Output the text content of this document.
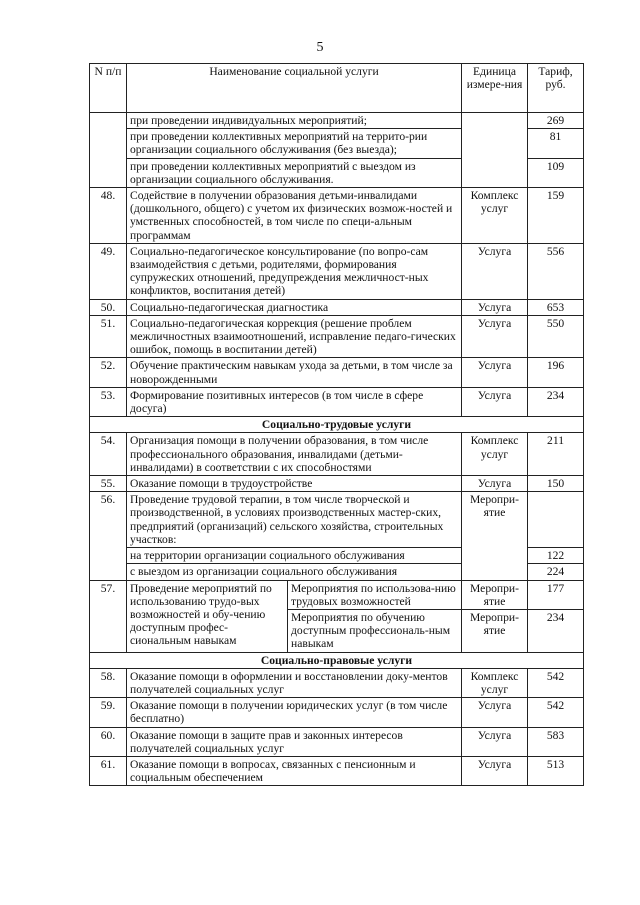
5
N п/п	Наименование социальной услуги		Единица измере-ния	Тариф, руб.
	при проведении индивидуальных мероприятий;			269
	при проведении коллективных мероприятий на террито-рии организации социального обслуживания (без выезда);			81
	при проведении коллективных мероприятий с выездом из организации социального обслуживания.			109
48.	Содействие в получении образования детьми-инвалидами (дошкольного, общего) с учетом их физических возмож-ностей и умственных способностей, в том числе по специ-альным программам		Комплекс услуг	159
49.	Социально-педагогическое консультирование (по вопро-сам взаимодействия с детьми, родителями, формирования супружеских отношений, предупреждения межличност-ных конфликтов, воспитания детей)		Услуга	556
50.	Социально-педагогическая диагностика		Услуга	653
51.	Социально-педагогическая коррекция (решение проблем межличностных взаимоотношений, исправление педаго-гических ошибок, помощь в воспитании детей)		Услуга	550
52.	Обучение практическим навыкам ухода за детьми, в том числе за новорожденными		Услуга	196
53.	Формирование позитивных интересов (в том числе в сфере досуга)		Услуга	234
Социально-трудовые услуги				
54.	Организация помощи в получении образования, в том числе профессионального образования, инвалидами (детьми-инвалидами) в соответствии с их способностями		Комплекс услуг	211
55.	Оказание помощи в трудоустройстве		Услуга	150
56.	Проведение трудовой терапии, в том числе творческой и производственной, в условиях производственных мастер-ских, предприятий (организаций) сельского хозяйства, строительных участков:		Меропри-ятие	
	на территории организации социального обслуживания			122
	с выездом из организации социального обслуживания			224
57.	Проведение мероприятий по использованию трудо-вых возможностей и обу-чению доступным профес-сиональным навыкам	Мероприятия по использова-нию трудовых возможностей	Меропри-ятие	177
		Мероприятия по обучению доступным профессиональ-ным навыкам	Меропри-ятие	234
Социально-правовые услуги				
58.	Оказание помощи в оформлении и восстановлении доку-ментов получателей социальных услуг		Комплекс услуг	542
59.	Оказание помощи в получении юридических услуг (в том числе бесплатно)		Услуга	542
60.	Оказание помощи в защите прав и законных интересов получателей социальных услуг		Услуга	583
61.	Оказание помощи в вопросах, связанных с пенсионным и социальным обеспечением		Услуга	513
